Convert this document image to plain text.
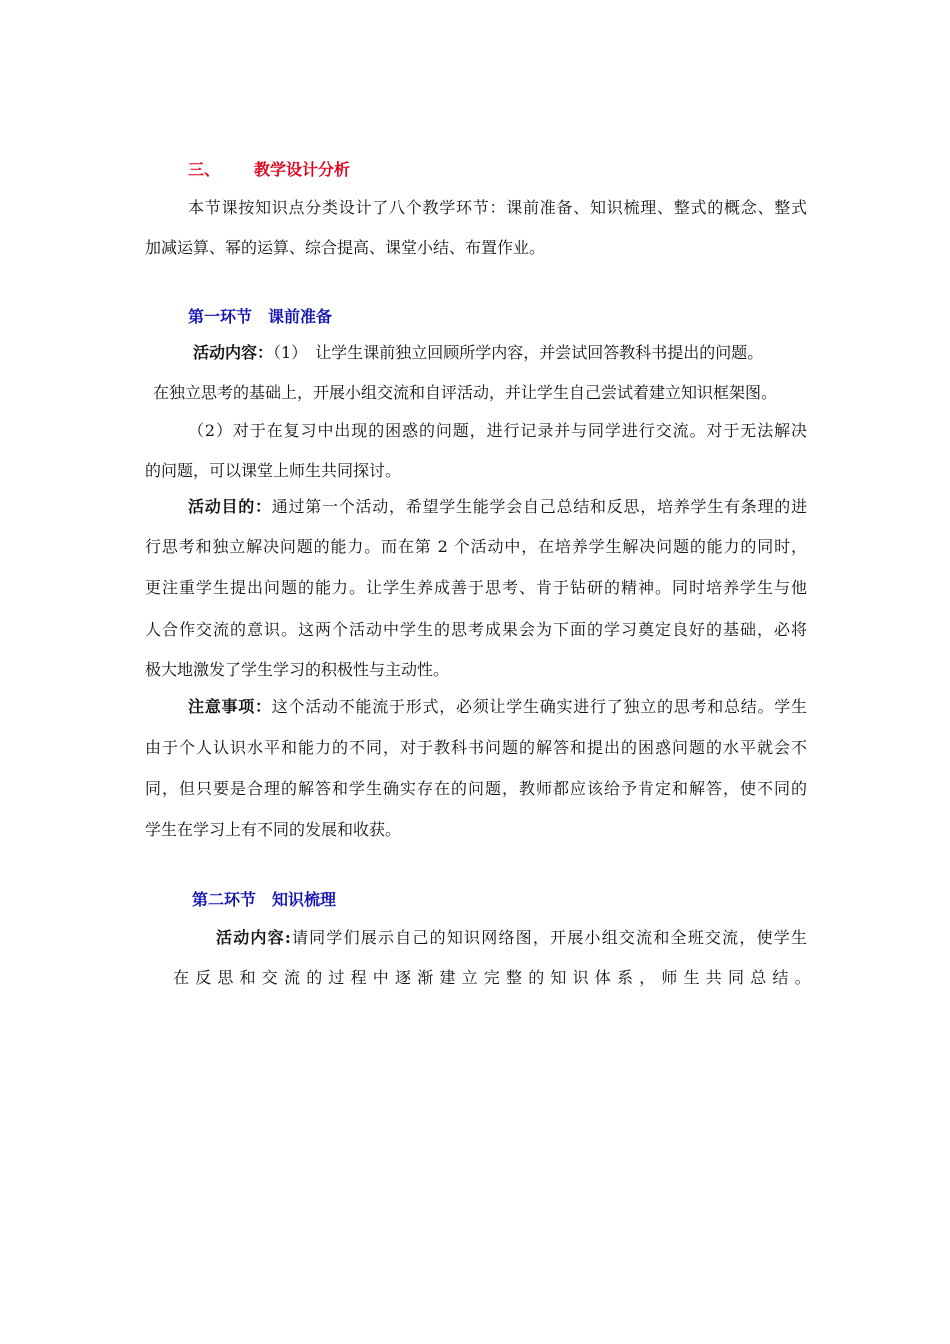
三、 教学设计分析
本节课按知识点分类设计了八个教学环节：课前准备、知识梳理、整式的概念、整式
加减运算、幂的运算、综合提高、课堂小结、布置作业。
第一环节　课前准备
活动内容：（1）　让学生课前独立回顾所学内容，并尝试回答教科书提出的问题。
在独立思考的基础上，开展小组交流和自评活动，并让学生自己尝试着建立知识框架图。
（2）对于在复习中出现的困惑的问题，进行记录并与同学进行交流。对于无法解决
的问题，可以课堂上师生共同探讨。
活动目的：通过第一个活动，希望学生能学会自己总结和反思，培养学生有条理的进
行思考和独立解决问题的能力。而在第 2 个活动中，在培养学生解决问题的能力的同时，
更注重学生提出问题的能力。让学生养成善于思考、肯于钻研的精神。同时培养学生与他
人合作交流的意识。这两个活动中学生的思考成果会为下面的学习奠定良好的基础，必将
极大地激发了学生学习的积极性与主动性。
注意事项：这个活动不能流于形式，必须让学生确实进行了独立的思考和总结。学生
由于个人认识水平和能力的不同，对于教科书问题的解答和提出的困惑问题的水平就会不
同，但只要是合理的解答和学生确实存在的问题，教师都应该给予肯定和解答，使不同的
学生在学习上有不同的发展和收获。
第二环节　知识梳理
活动内容:请同学们展示自己的知识网络图，开展小组交流和全班交流，使学生
在反思和交流的过程中逐渐建立完整的知识体系，师生共同总结。
